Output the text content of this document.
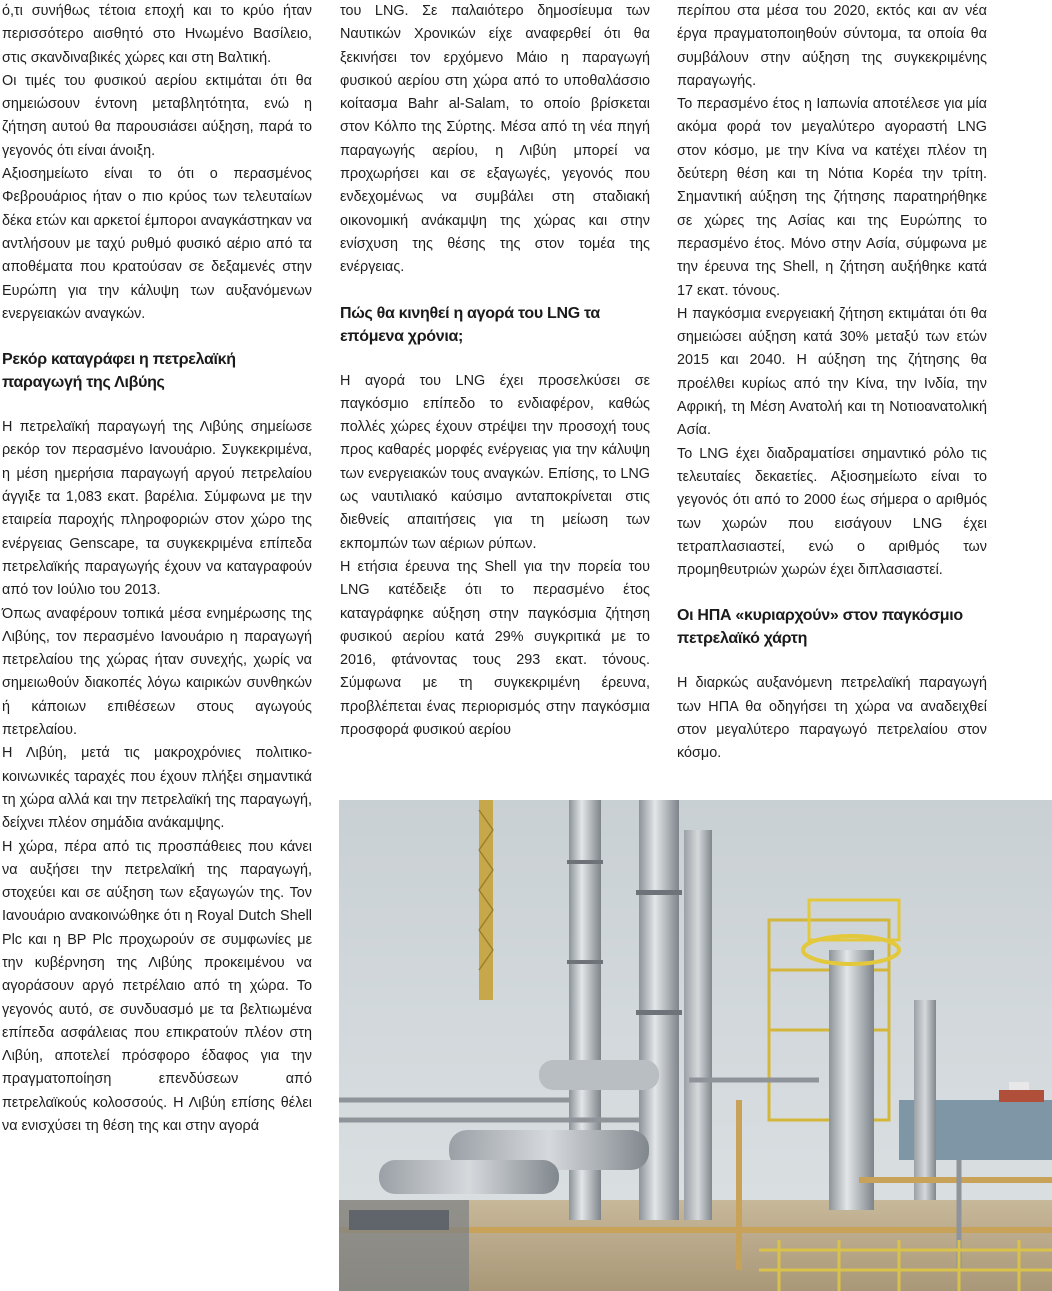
ό,τι συνήθως τέτοια εποχή και το κρύο ήταν περισσότερο αισθητό στο Ηνωμένο Βασίλειο, στις σκανδιναβικές χώρες και στη Βαλτική.

Οι τιμές του φυσικού αερίου εκτιμάται ότι θα σημειώσουν έντονη μεταβλητότητα, ενώ η ζήτηση αυτού θα παρουσιάσει αύξηση, παρά το γεγονός ότι είναι άνοιξη.

Αξιοσημείωτο είναι το ότι ο περασμένος Φεβρουάριος ήταν ο πιο κρύος των τελευταίων δέκα ετών και αρκετοί έμποροι αναγκάστηκαν να αντλήσουν με ταχύ ρυθμό φυσικό αέριο από τα αποθέματα που κρατούσαν σε δεξαμενές στην Ευρώπη για την κάλυψη των αυξανόμενων ενεργειακών αναγκών.

Ρεκόρ καταγράφει η πετρελαϊκή παραγωγή της Λιβύης

Η πετρελαϊκή παραγωγή της Λιβύης σημείωσε ρεκόρ τον περασμένο Ιανουάριο. Συγκεκριμένα, η μέση ημερήσια παραγωγή αργού πετρελαίου άγγιξε τα 1,083 εκατ. βαρέλια. Σύμφωνα με την εταιρεία παροχής πληροφοριών στον χώρο της ενέργειας Genscape, τα συγκεκριμένα επίπεδα πετρελαϊκής παραγωγής έχουν να καταγραφούν από τον Ιούλιο του 2013.

Όπως αναφέρουν τοπικά μέσα ενημέρωσης της Λιβύης, τον περασμένο Ιανουάριο η παραγωγή πετρελαίου της χώρας ήταν συνεχής, χωρίς να σημειωθούν διακοπές λόγω καιρικών συνθηκών ή κάποιων επιθέσεων στους αγωγούς πετρελαίου.

Η Λιβύη, μετά τις μακροχρόνιες πολιτικο-κοινωνικές ταραχές που έχουν πλήξει σημαντικά τη χώρα αλλά και την πετρελαϊκή της παραγωγή, δείχνει πλέον σημάδια ανάκαμψης.

Η χώρα, πέρα από τις προσπάθειες που κάνει να αυξήσει την πετρελαϊκή της παραγωγή, στοχεύει και σε αύξηση των εξαγωγών της. Τον Ιανουάριο ανακοινώθηκε ότι η Royal Dutch Shell Plc και η BP Plc προχωρούν σε συμφωνίες με την κυβέρνηση της Λιβύης προκειμένου να αγοράσουν αργό πετρέλαιο από τη χώρα. Το γεγονός αυτό, σε συνδυασμό με τα βελτιωμένα επίπεδα ασφάλειας που επικρατούν πλέον στη Λιβύη, αποτελεί πρόσφορο έδαφος για την πραγματοποίηση επενδύσεων από πετρελαϊκούς κολοσσούς. Η Λιβύη επίσης θέλει να ενισχύσει τη θέση της και στην αγορά

του LNG. Σε παλαιότερο δημοσίευμα των Ναυτικών Χρονικών είχε αναφερθεί ότι θα ξεκινήσει τον ερχόμενο Μάιο η παραγωγή φυσικού αερίου στη χώρα από το υποθαλάσσιο κοίτασμα Bahr al-Salam, το οποίο βρίσκεται στον Κόλπο της Σύρτης. Μέσα από τη νέα πηγή παραγωγής αερίου, η Λιβύη μπορεί να προχωρήσει και σε εξαγωγές, γεγονός που ενδεχομένως να συμβάλει στη σταδιακή οικονομική ανάκαμψη της χώρας και στην ενίσχυση της θέσης της στον τομέα της ενέργειας.

Πώς θα κινηθεί η αγορά του LNG τα επόμενα χρόνια;

Η αγορά του LNG έχει προσελκύσει σε παγκόσμιο επίπεδο το ενδιαφέρον, καθώς πολλές χώρες έχουν στρέψει την προσοχή τους προς καθαρές μορφές ενέργειας για την κάλυψη των ενεργειακών τους αναγκών. Επίσης, το LNG ως ναυτιλιακό καύσιμο ανταποκρίνεται στις διεθνείς απαιτήσεις για τη μείωση των εκπομπών των αέριων ρύπων.

Η ετήσια έρευνα της Shell για την πορεία του LNG κατέδειξε ότι το περασμένο έτος καταγράφηκε αύξηση στην παγκόσμια ζήτηση φυσικού αερίου κατά 29% συγκριτικά με το 2016, φτάνοντας τους 293 εκατ. τόνους. Σύμφωνα με τη συγκεκριμένη έρευνα, προβλέπεται ένας περιορισμός στην παγκόσμια προσφορά φυσικού αερίου

περίπου στα μέσα του 2020, εκτός και αν νέα έργα πραγματοποιηθούν σύντομα, τα οποία θα συμβάλουν στην αύξηση της συγκεκριμένης παραγωγής.

Το περασμένο έτος η Ιαπωνία αποτέλεσε για μία ακόμα φορά τον μεγαλύτερο αγοραστή LNG στον κόσμο, με την Κίνα να κατέχει πλέον τη δεύτερη θέση και τη Νότια Κορέα την τρίτη. Σημαντική αύξηση της ζήτησης παρατηρήθηκε σε χώρες της Ασίας και της Ευρώπης το περασμένο έτος. Μόνο στην Ασία, σύμφωνα με την έρευνα της Shell, η ζήτηση αυξήθηκε κατά 17 εκατ. τόνους.

Η παγκόσμια ενεργειακή ζήτηση εκτιμάται ότι θα σημειώσει αύξηση κατά 30% μεταξύ των ετών 2015 και 2040. Η αύξηση της ζήτησης θα προέλθει κυρίως από την Κίνα, την Ινδία, την Αφρική, τη Μέση Ανατολή και τη Νοτιοανατολική Ασία.

Το LNG έχει διαδραματίσει σημαντικό ρόλο τις τελευταίες δεκαετίες. Αξιοσημείωτο είναι το γεγονός ότι από το 2000 έως σήμερα ο αριθμός των χωρών που εισάγουν LNG έχει τετραπλασιαστεί, ενώ ο αριθμός των προμηθευτριών χωρών έχει διπλασιαστεί.

Οι ΗΠΑ «κυριαρχούν» στον παγκόσμιο πετρελαϊκό χάρτη

Η διαρκώς αυξανόμενη πετρελαϊκή παραγωγή των ΗΠΑ θα οδηγήσει τη χώρα να αναδειχθεί στον μεγαλύτερο παραγωγό πετρελαίου στον κόσμο.
